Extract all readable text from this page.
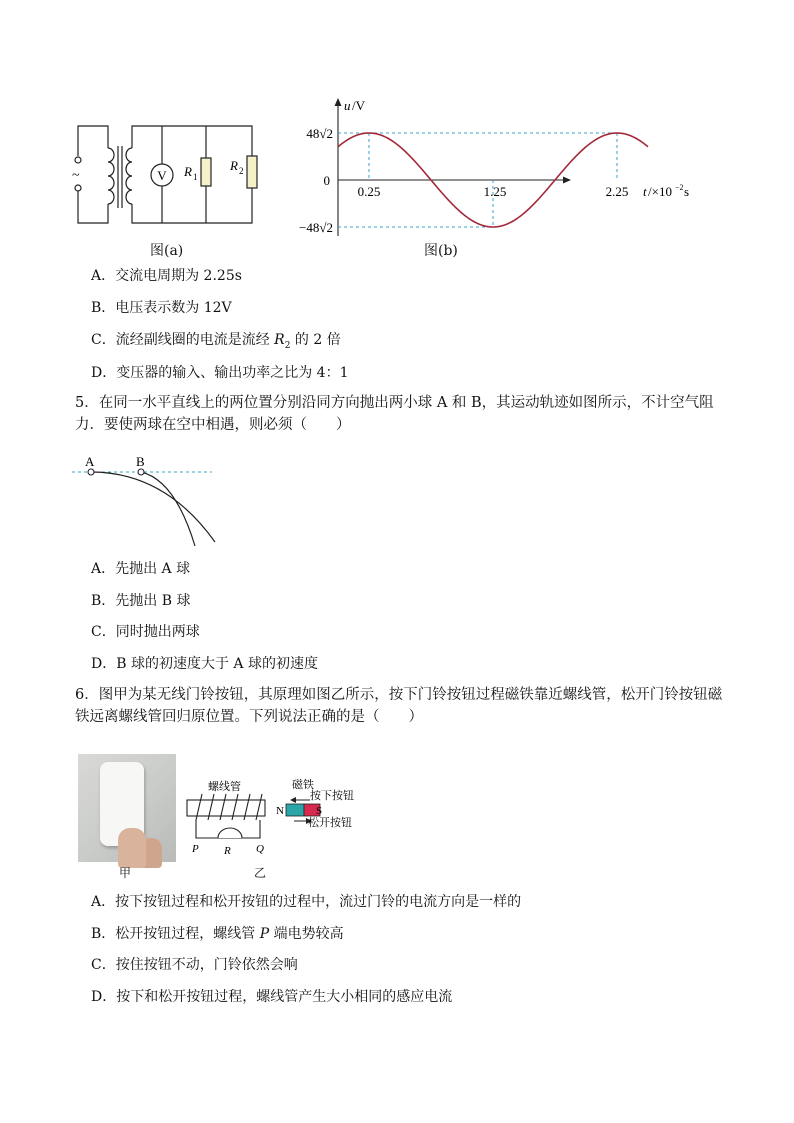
V
~	R 1
R 2
图(a)
u /V
48√2
0
−48√2
0.25	1.25	2.25 t /×10 −2 s
图(b)
A．交流电周期为 2.25s
B．电压表示数为 12V
C．流经副线圈的电流是流经 $R_2$ 的 2 倍
D．变压器的输入、输出功率之比为 4：1
5．在同一水平直线上的两位置分别沿同方向抛出两小球 A 和 B，其运动轨迹如图所示，不计空气阻力．要使两球在空中相遇，则必须（　　）
A	B
A．先抛出 A 球
B．先抛出 B 球
C．同时抛出两球
D．B 球的初速度大于 A 球的初速度
6．图甲为某无线门铃按钮，其原理如图乙所示，按下门铃按钮过程磁铁靠近螺线管，松开门铃按钮磁铁远离螺线管回归原位置。下列说法正确的是（　　）
甲
螺线管
P R Q
N	S
磁铁
按下按钮
松开按钮
乙
A．按下按钮过程和松开按钮的过程中，流过门铃的电流方向是一样的
B．松开按钮过程，螺线管 P 端电势较高
C．按住按钮不动，门铃依然会响
D．按下和松开按钮过程，螺线管产生大小相同的感应电流
